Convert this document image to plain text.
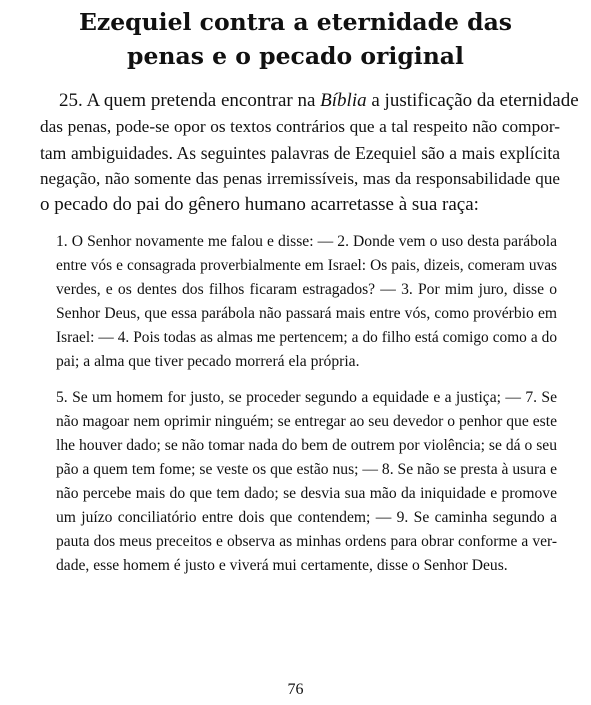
Ezequiel contra a eternidade das
penas e o pecado original
25. A quem pretenda encontrar na Bíblia a justificação da eternidade
das penas, pode-se opor os textos contrários que a tal respeito não compor-
tam ambiguidades. As seguintes palavras de Ezequiel são a mais explícita
negação, não somente das penas irremissíveis, mas da responsabilidade que
o pecado do pai do gênero humano acarretasse à sua raça:
1. O Senhor novamente me falou e disse: — 2. Donde vem o uso desta parábola
entre vós e consagrada proverbialmente em Israel: Os pais, dizeis, comeram uvas
verdes, e os dentes dos filhos ficaram estragados? — 3. Por mim juro, disse o
Senhor Deus, que essa parábola não passará mais entre vós, como provérbio em
Israel: — 4. Pois todas as almas me pertencem; a do filho está comigo como a do
pai; a alma que tiver pecado morrerá ela própria.
5. Se um homem for justo, se proceder segundo a equidade e a justiça; — 7. Se
não magoar nem oprimir ninguém; se entregar ao seu devedor o penhor que este
lhe houver dado; se não tomar nada do bem de outrem por violência; se dá o seu
pão a quem tem fome; se veste os que estão nus; — 8. Se não se presta à usura e
não percebe mais do que tem dado; se desvia sua mão da iniquidade e promove
um juízo conciliatório entre dois que contendem; — 9. Se caminha segundo a
pauta dos meus preceitos e observa as minhas ordens para obrar conforme a ver-
dade, esse homem é justo e viverá mui certamente, disse o Senhor Deus.
76
